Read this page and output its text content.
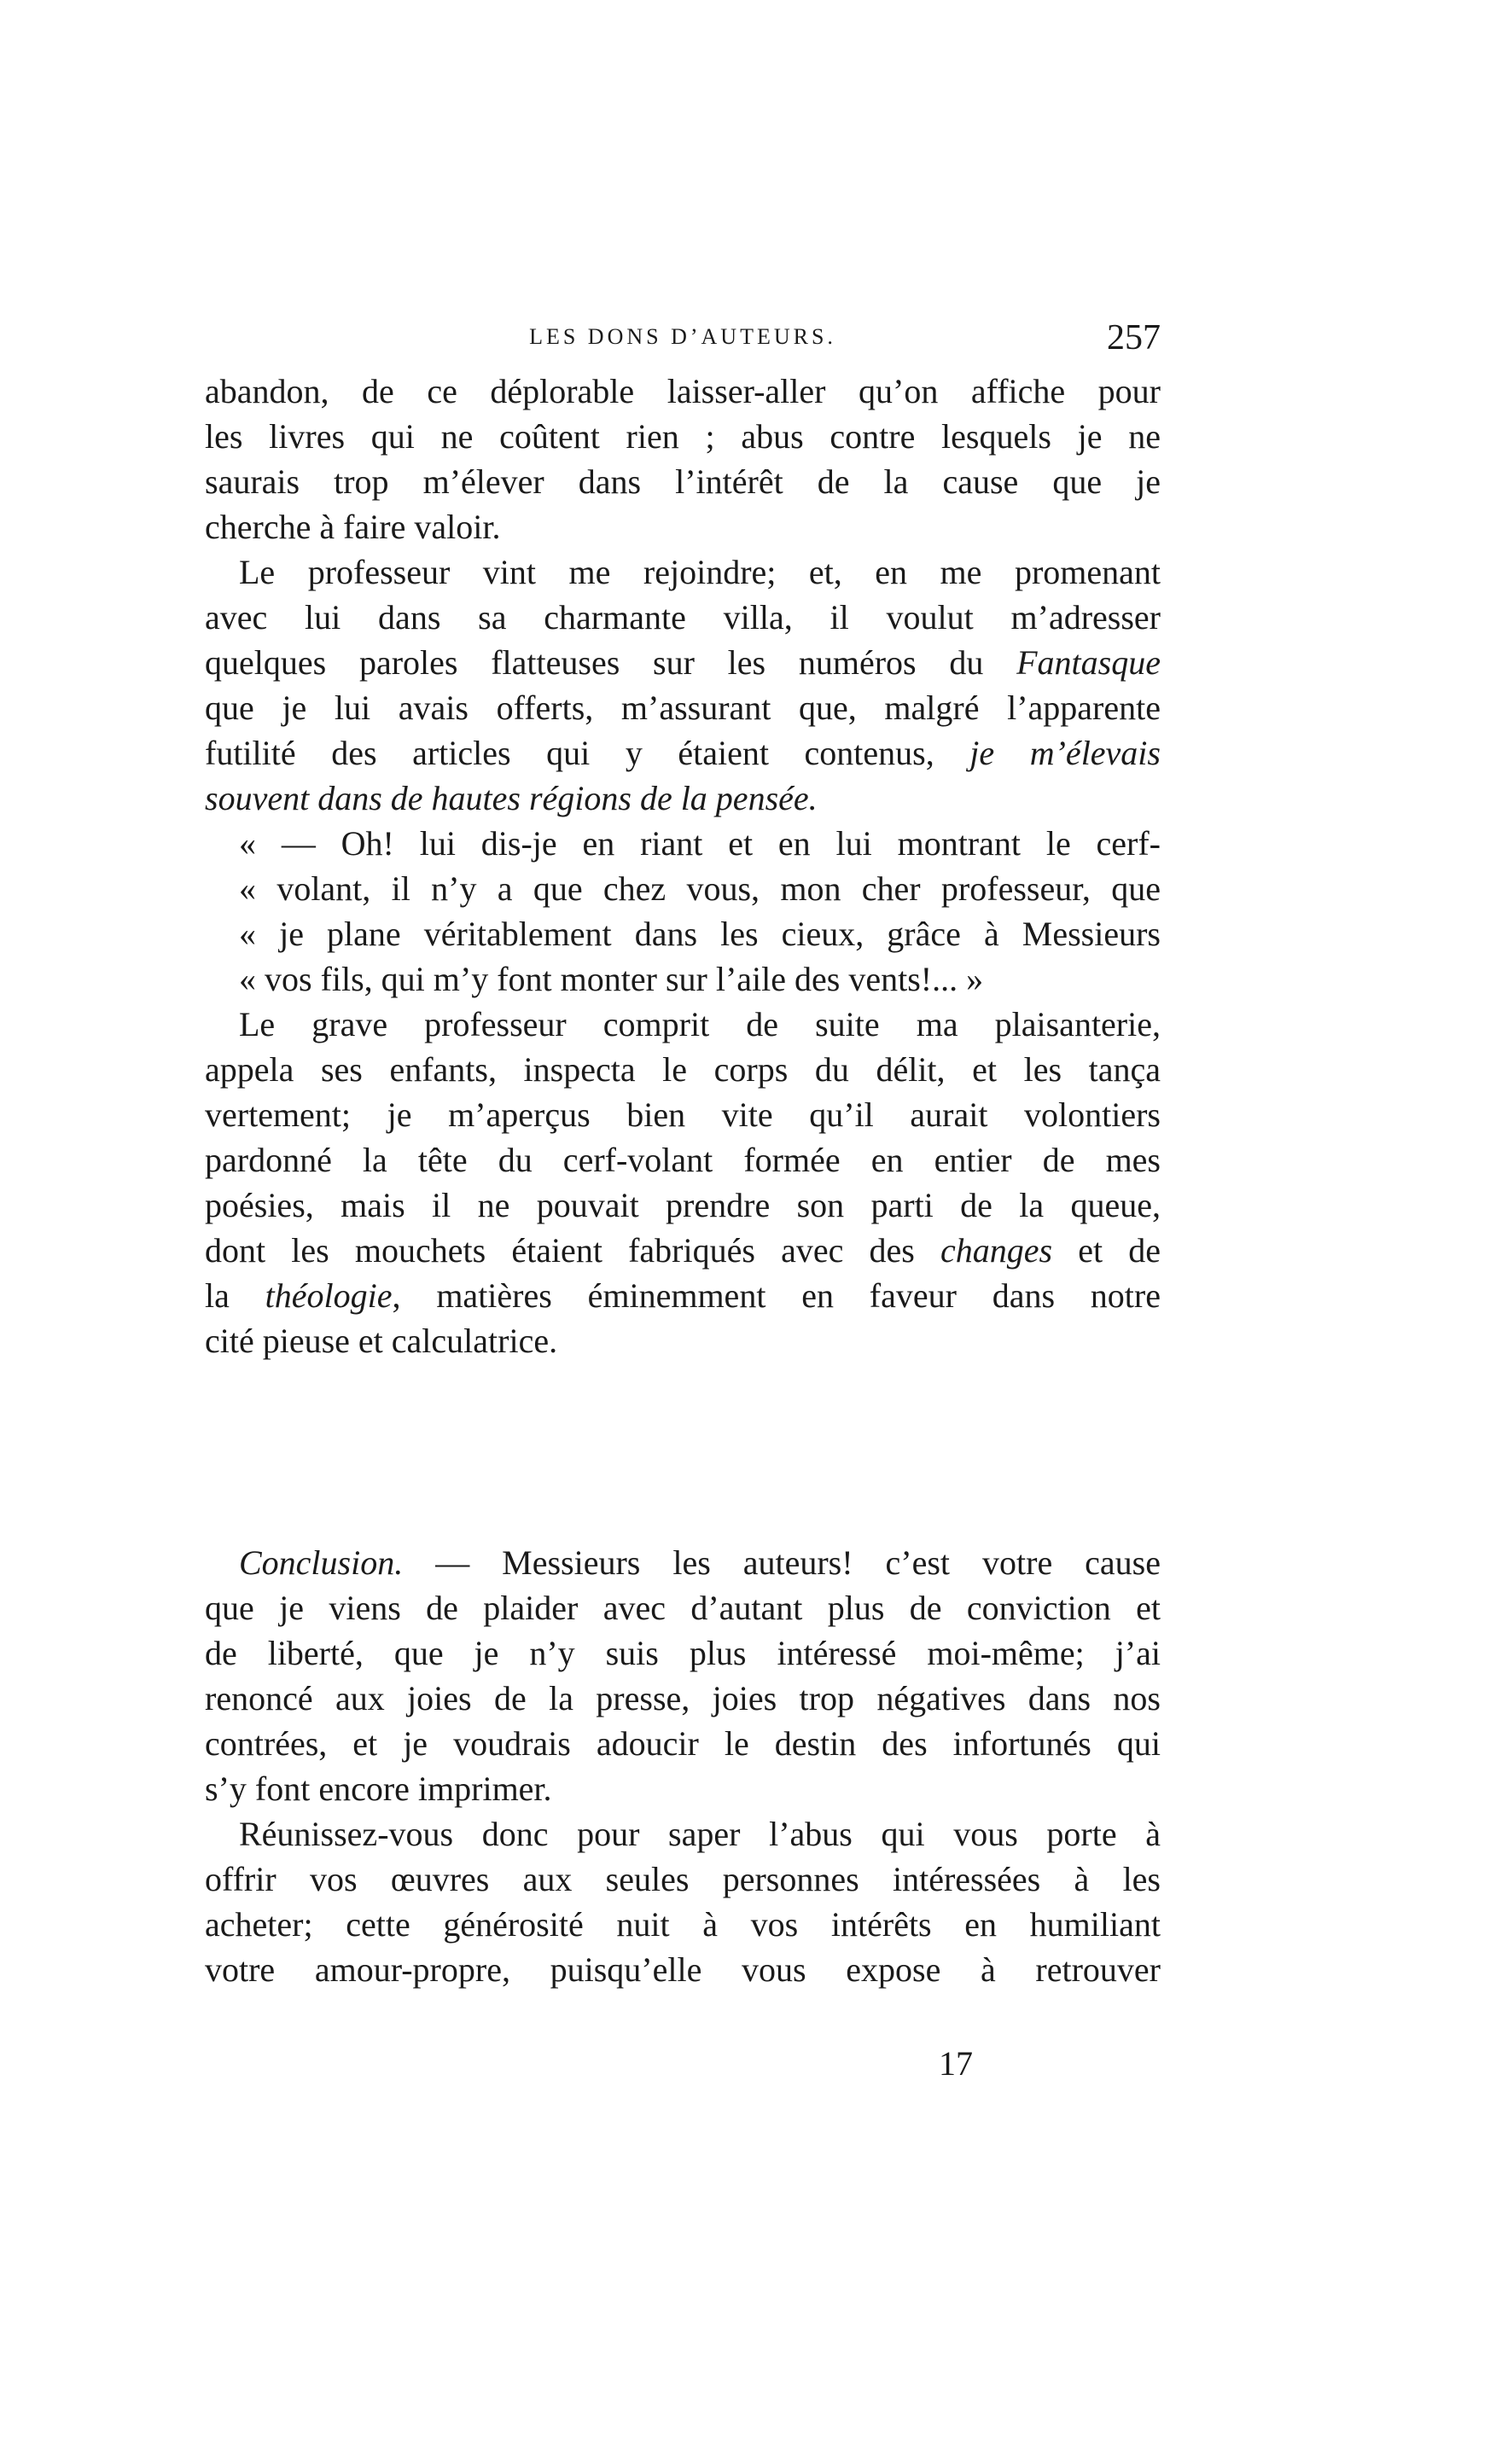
LES DONS D’AUTEURS.	257
abandon, de ce déplorable laisser-aller qu’on affiche pour
les livres qui ne coûtent rien ; abus contre lesquels je ne
saurais trop m’élever dans l’intérêt de la cause que je
cherche à faire valoir.
Le professeur vint me rejoindre; et, en me promenant
avec lui dans sa charmante villa, il voulut m’adresser
quelques paroles flatteuses sur les numéros du Fantasque
que je lui avais offerts, m’assurant que, malgré l’apparente
futilité des articles qui y étaient contenus, je m’élevais
souvent dans de hautes régions de la pensée.
« — Oh! lui dis-je en riant et en lui montrant le cerf-
« volant, il n’y a que chez vous, mon cher professeur, que
« je plane véritablement dans les cieux, grâce à Messieurs
« vos fils, qui m’y font monter sur l’aile des vents!... »
Le grave professeur comprit de suite ma plaisanterie,
appela ses enfants, inspecta le corps du délit, et les tança
vertement; je m’aperçus bien vite qu’il aurait volontiers
pardonné la tête du cerf-volant formée en entier de mes
poésies, mais il ne pouvait prendre son parti de la queue,
dont les mouchets étaient fabriqués avec des changes et de
la théologie, matières éminemment en faveur dans notre
cité pieuse et calculatrice.
Conclusion. — Messieurs les auteurs! c’est votre cause
que je viens de plaider avec d’autant plus de conviction et
de liberté, que je n’y suis plus intéressé moi-même; j’ai
renoncé aux joies de la presse, joies trop négatives dans nos
contrées, et je voudrais adoucir le destin des infortunés qui
s’y font encore imprimer.
Réunissez-vous donc pour saper l’abus qui vous porte à
offrir vos œuvres aux seules personnes intéressées à les
acheter; cette générosité nuit à vos intérêts en humiliant
votre amour-propre, puisqu’elle vous expose à retrouver
17
